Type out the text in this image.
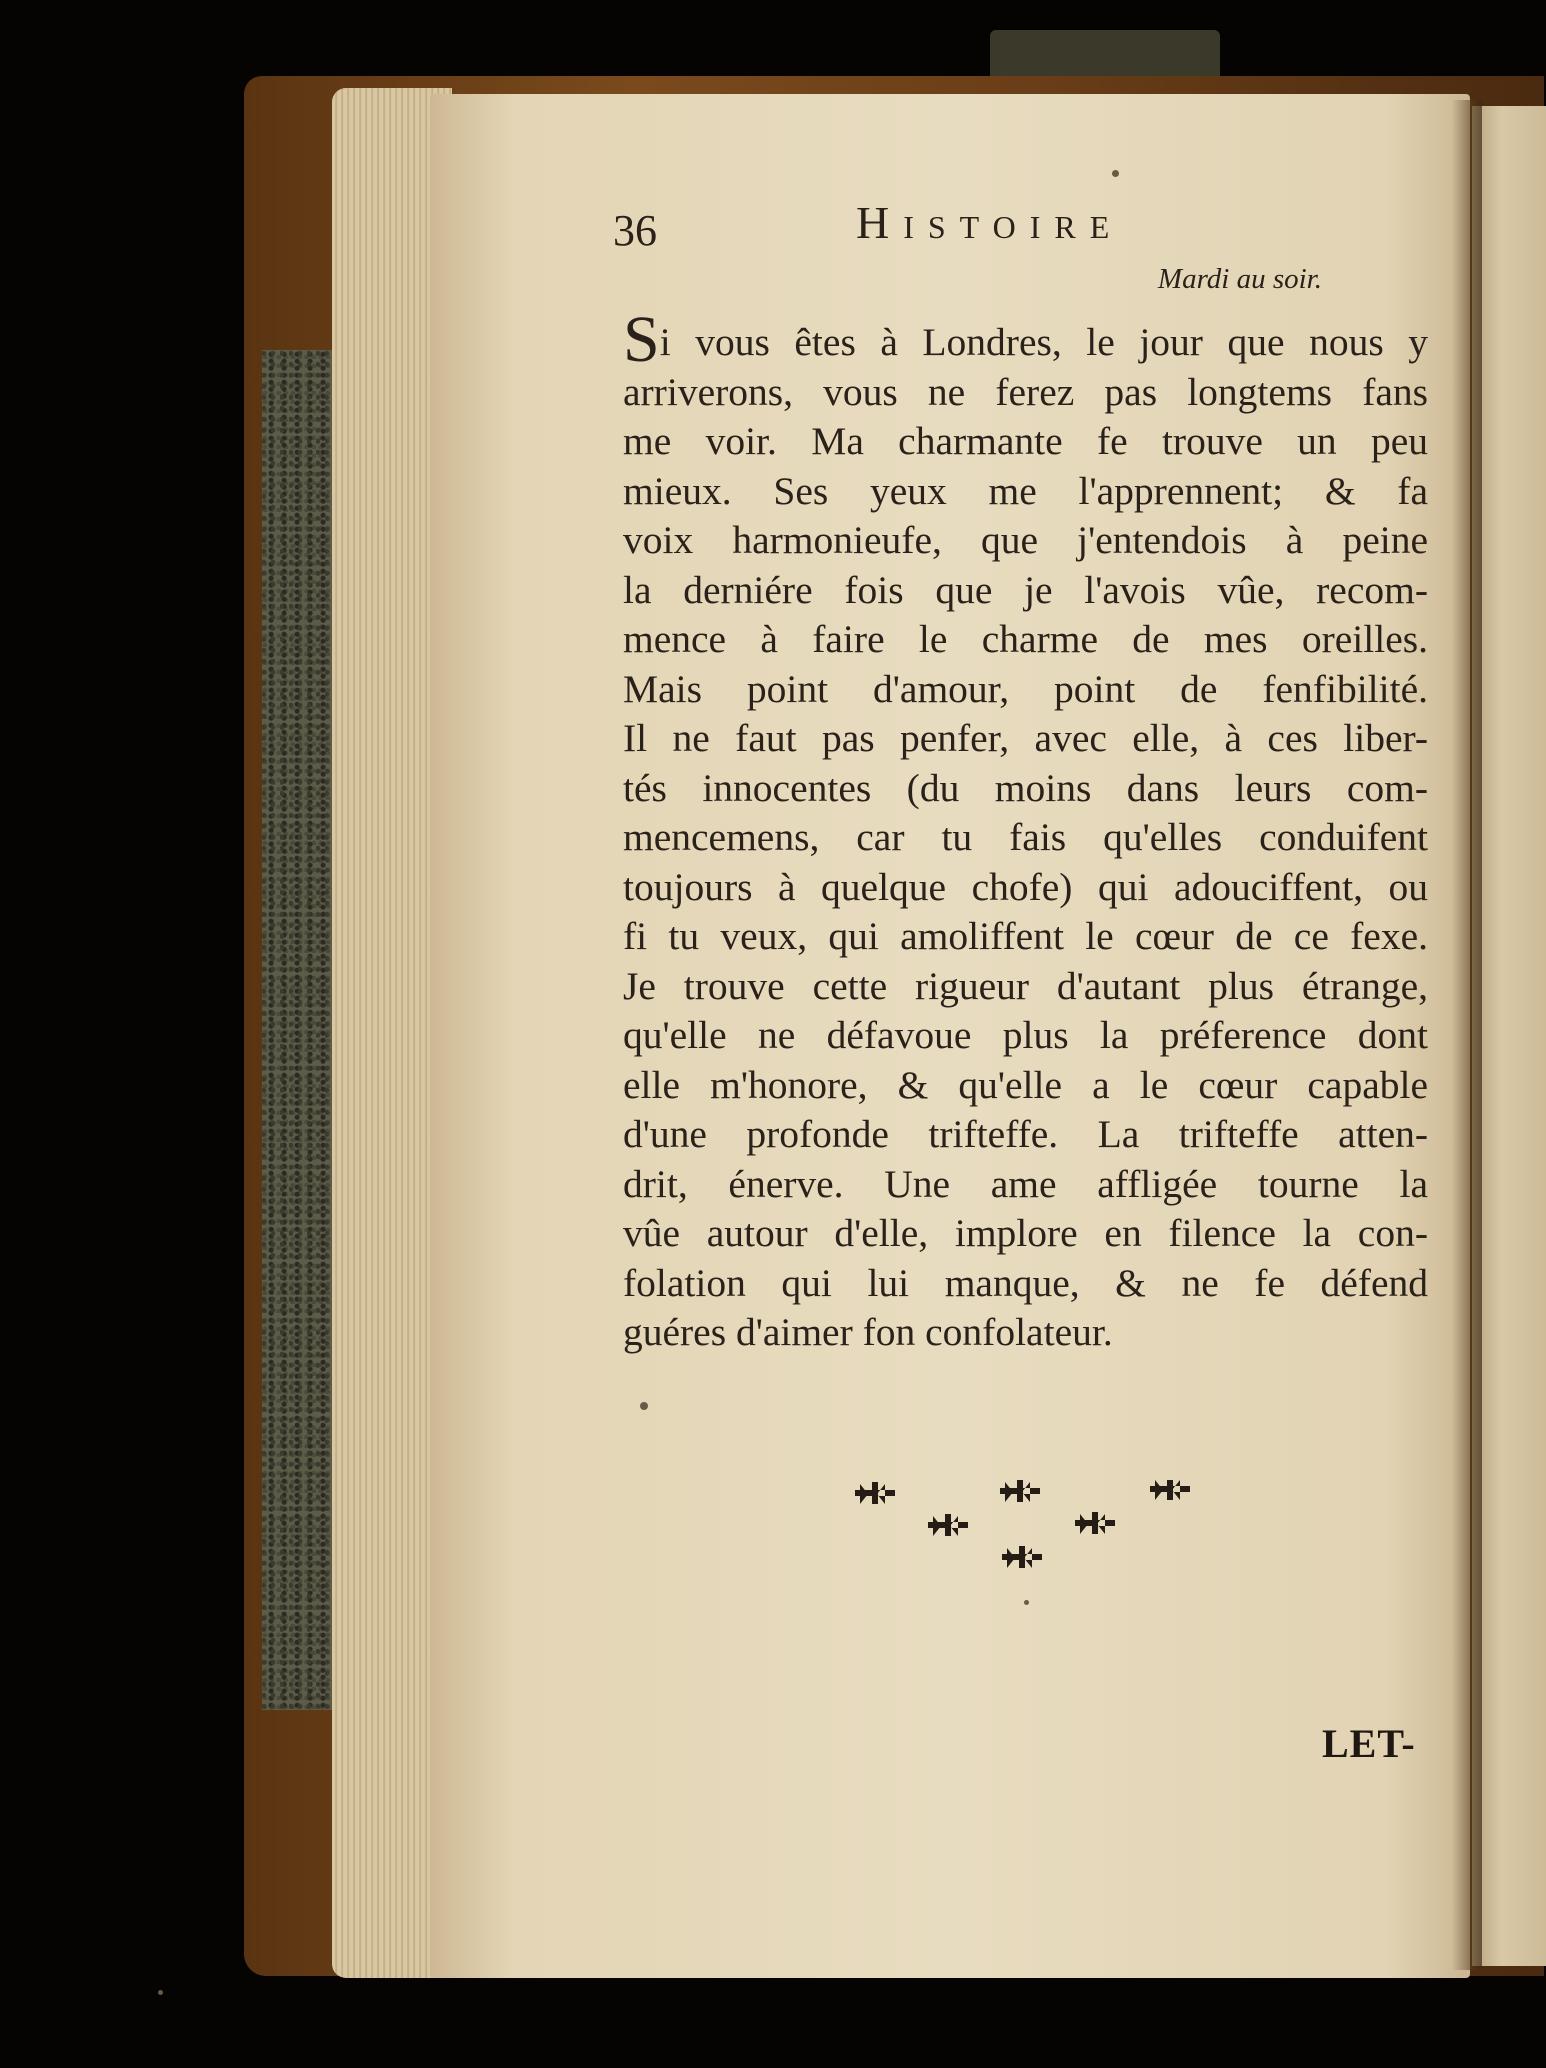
36	Histoire
Mardi au soir.
Si vous êtes à Londres, le jour que nous y
arriverons, vous ne ferez pas longtems fans
me voir. Ma charmante fe trouve un peu
mieux. Ses yeux me l'apprennent; & fa
voix harmonieufe, que j'entendois à peine
la derniére fois que je l'avois vûe, recom-
mence à faire le charme de mes oreilles.
Mais point d'amour, point de fenfibilité.
Il ne faut pas penfer, avec elle, à ces liber-
tés innocentes (du moins dans leurs com-
mencemens, car tu fais qu'elles conduifent
toujours à quelque chofe) qui adouciffent, ou
fi tu veux, qui amoliffent le cœur de ce fexe.
Je trouve cette rigueur d'autant plus étrange,
qu'elle ne défavoue plus la préference dont
elle m'honore, & qu'elle a le cœur capable
d'une profonde trifteffe. La trifteffe atten-
drit, énerve. Une ame affligée tourne la
vûe autour d'elle, implore en filence la con-
folation qui lui manque, & ne fe défend
guéres d'aimer fon confolateur.
LET-
